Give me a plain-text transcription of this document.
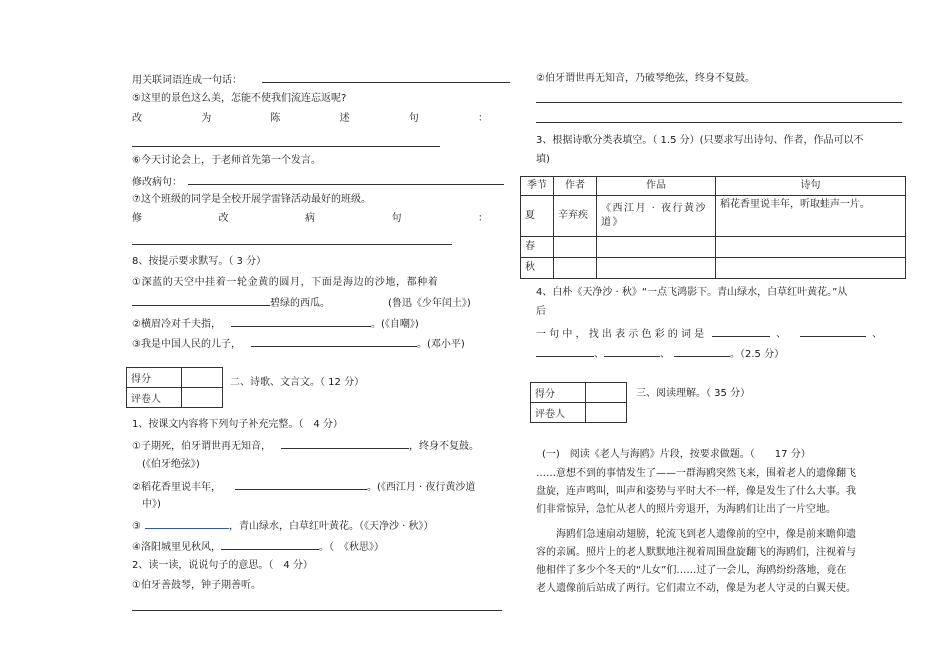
用关联词语连成一句话：
⑤这里的景色这么美，怎能不使我们流连忘返呢?
改	为	陈	述	句	：
⑥今天讨论会上，于老师首先第一个发言。
修改病句：
⑦这个班级的同学是全校开展学雷锋活动最好的班级。
修	改	病	句	：
8、按提示要求默写。（ 3 分）
①深蓝的天空中挂着一轮金黄的圆月，下面是海边的沙地，都种着
碧绿的西瓜。	(鲁迅《少年闰土》)
②横眉冷对千夫指，	。(《自嘲》)
③我是中国人民的儿子，	。(邓小平)
得分	
评卷人	
二、诗歌、文言文。（ 12 分）
1、按课文内容将下列句子补充完整。（　4 分）
①子期死，伯牙谓世再无知音，	，终身不复鼓。
(《伯牙绝弦》)
②稻花香里说丰年，	。(《西江月 · 夜行黄沙道
中》)
③	，青山绿水，白草红叶黄花。（《天净沙 · 秋》）
④洛阳城里见秋风，	。（　《秋思》）
2、读一读，说说句子的意思。（　4 分）
①伯牙善鼓琴，钟子期善听。
②伯牙谓世再无知音，乃破琴绝弦，终身不复鼓。
3、根据诗歌分类表填空。（ 1.5 分）(只要求写出诗句、作者，作品可以不
填)
季节	作者	作品	诗句
夏	辛弃疾	《西江月 · 夜行黄沙道》	稻花香里说丰年，听取蛙声一片。
春			
秋			
4、白朴《天净沙 · 秋》“一点飞鸿影下。青山绿水，白草红叶黄花。”从
后
一 句 中 ， 找 出 表 示 色 彩 的 词 是	、	、
、	、	。（2.5 分）
得分	
评卷人	
三、阅读理解。（ 35 分）
(一)　阅读《老人与海鸥》片段，按要求做题。（　　17 分）
……意想不到的事情发生了——一群海鸥突然飞来，围着老人的遗像翻飞
盘旋，连声鸣叫，叫声和姿势与平时大不一样，像是发生了什么大事。我
们非常惊异，急忙从老人的照片旁退开，为海鸥们让出了一片空地。
海鸥们急速扇动翅膀，轮流飞到老人遗像前的空中，像是前来瞻仰遗
容的亲属。照片上的老人默默地注视着周围盘旋翻飞的海鸥们，注视着与
他相伴了多少个冬天的“儿女”们……过了一会儿，海鸥纷纷落地，竟在
老人遗像前后站成了两行。它们肃立不动，像是为老人守灵的白翼天使。
